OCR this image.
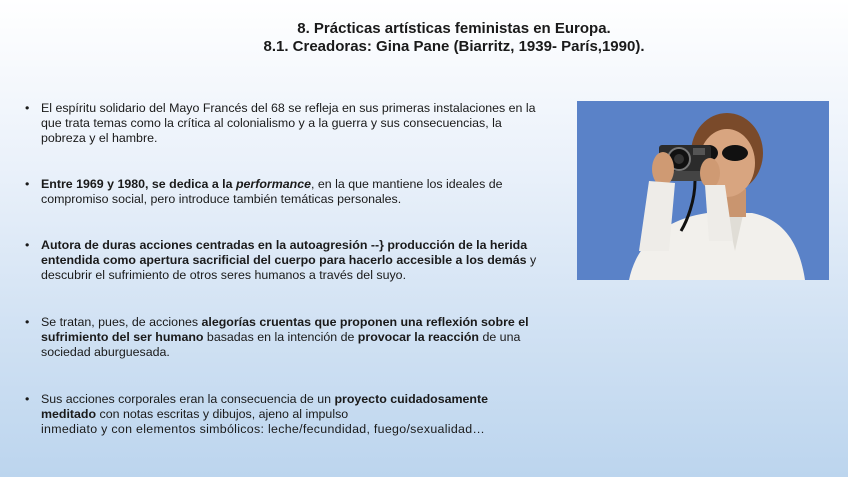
8. Prácticas artísticas feministas en Europa.
8.1. Creadoras: Gina Pane (Biarritz, 1939- París,1990).
• El espíritu solidario del Mayo Francés del 68 se refleja en sus primeras instalaciones en la que trata temas como la crítica al colonialismo y a la guerra y sus consecuencias, la pobreza y el hambre.
• Entre 1969 y 1980, se dedica a la performance, en la que mantiene los ideales de compromiso social, pero introduce también temáticas personales.
• Autora de duras acciones centradas en la autoagresión --} producción de la herida entendida como apertura sacrificial del cuerpo para hacerlo accesible a los demás y descubrir el sufrimiento de otros seres humanos a través del suyo.
• Se tratan, pues, de acciones alegorías cruentas que proponen una reflexión sobre el sufrimiento del ser humano basadas en la intención de provocar la reacción de una sociedad aburguesada.
• Sus acciones corporales eran la consecuencia de un proyecto cuidadosamente meditado con notas escritas y dibujos, ajeno al impulso
inmediato y con elementos simbólicos: leche/fecundidad, fuego/sexualidad…
